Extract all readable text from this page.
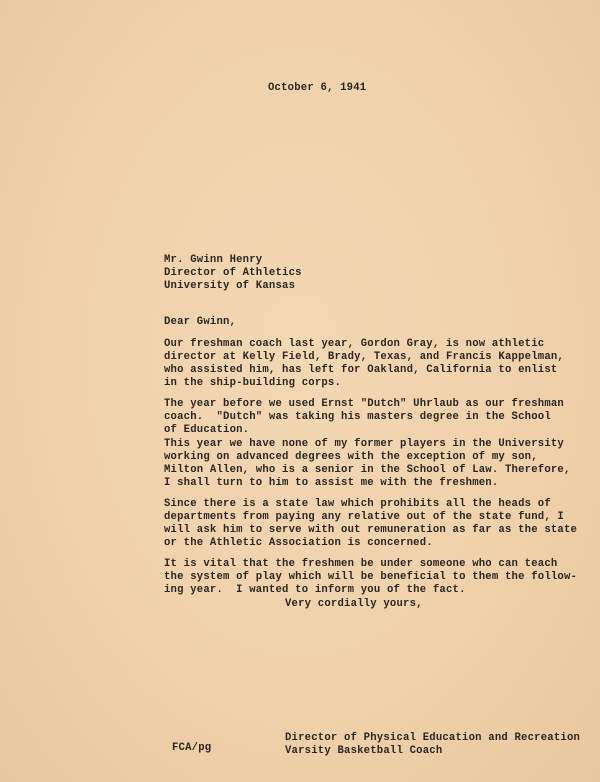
October 6, 1941
Mr. Gwinn Henry
Director of Athletics
University of Kansas
Dear Gwinn,
Our freshman coach last year, Gordon Gray, is now athletic
director at Kelly Field, Brady, Texas, and Francis Kappelman,
who assisted him, has left for Oakland, California to enlist
in the ship-building corps.
The year before we used Ernst "Dutch" Uhrlaub as our freshman
coach.  "Dutch" was taking his masters degree in the School
of Education.
This year we have none of my former players in the University
working on advanced degrees with the exception of my son,
Milton Allen, who is a senior in the School of Law. Therefore,
I shall turn to him to assist me with the freshmen.
Since there is a state law which prohibits all the heads of
departments from paying any relative out of the state fund, I
will ask him to serve with out remuneration as far as the state
or the Athletic Association is concerned.
It is vital that the freshmen be under someone who can teach
the system of play which will be beneficial to them the follow-
ing year.  I wanted to inform you of the fact.
Very cordially yours,
FCA/pg
Director of Physical Education and Recreation
Varsity Basketball Coach
